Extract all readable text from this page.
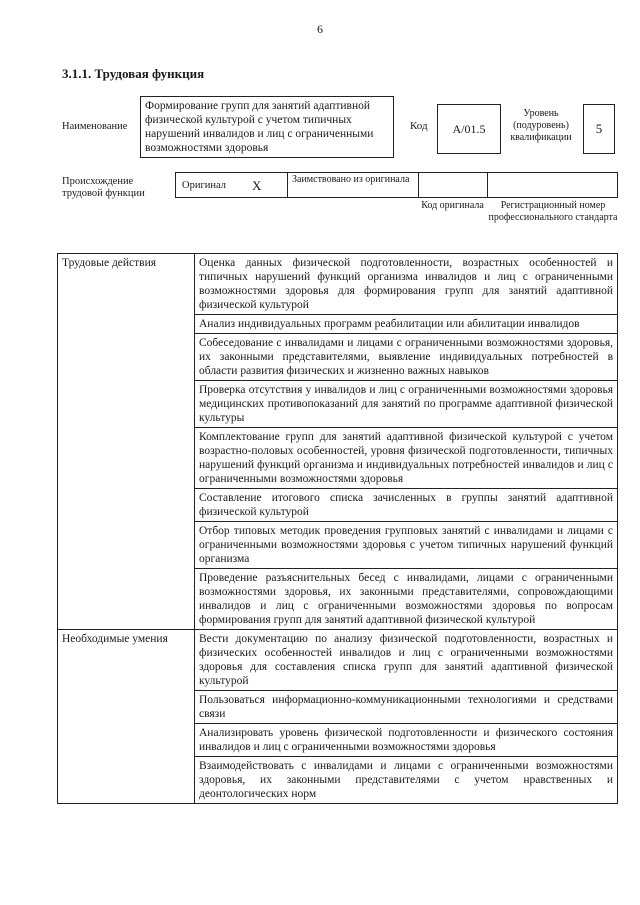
6
3.1.1. Трудовая функция
Наименование
Формирование групп для занятий адаптивной физической культурой с учетом типичных нарушений инвалидов и лиц с ограниченными возможностями здоровья
Код	A/01.5
Уровень (подуровень) квалификации
5
Происхождение трудовой функции
Оригинал X	Заимствовано из оригинала
Код оригинала	Регистрационный номер профессионального стандарта
Трудовые действия	Оценка данных физической подготовленности, возрастных особенностей и типичных нарушений функций организма инвалидов и лиц с ограниченными возможностями здоровья для формирования групп для занятий адаптивной физической культурой
	Анализ индивидуальных программ реабилитации или абилитации инвалидов
	Собеседование с инвалидами и лицами с ограниченными возможностями здоровья, их законными представителями, выявление индивидуальных потребностей в области развития физических и жизненно важных навыков
	Проверка отсутствия у инвалидов и лиц с ограниченными возможностями здоровья медицинских противопоказаний для занятий по программе адаптивной физической культуры
	Комплектование групп для занятий адаптивной физической культурой с учетом возрастно-половых особенностей, уровня физической подготовленности, типичных нарушений функций организма и индивидуальных потребностей инвалидов и лиц с ограниченными возможностями здоровья
	Составление итогового списка зачисленных в группы занятий адаптивной физической культурой
	Отбор типовых методик проведения групповых занятий с инвалидами и лицами с ограниченными возможностями здоровья с учетом типичных нарушений функций организма
	Проведение разъяснительных бесед с инвалидами, лицами с ограниченными возможностями здоровья, их законными представителями, сопровождающими инвалидов и лиц с ограниченными возможностями здоровья по вопросам формирования групп для занятий адаптивной физической культурой
Необходимые умения	Вести документацию по анализу физической подготовленности, возрастных и физических особенностей инвалидов и лиц с ограниченными возможностями здоровья для составления списка групп для занятий адаптивной физической культурой
	Пользоваться информационно-коммуникационными технологиями и средствами связи
	Анализировать уровень физической подготовленности и физического состояния инвалидов и лиц с ограниченными возможностями здоровья
	Взаимодействовать с инвалидами и лицами с ограниченными возможностями здоровья, их законными представителями с учетом нравственных и деонтологических норм
